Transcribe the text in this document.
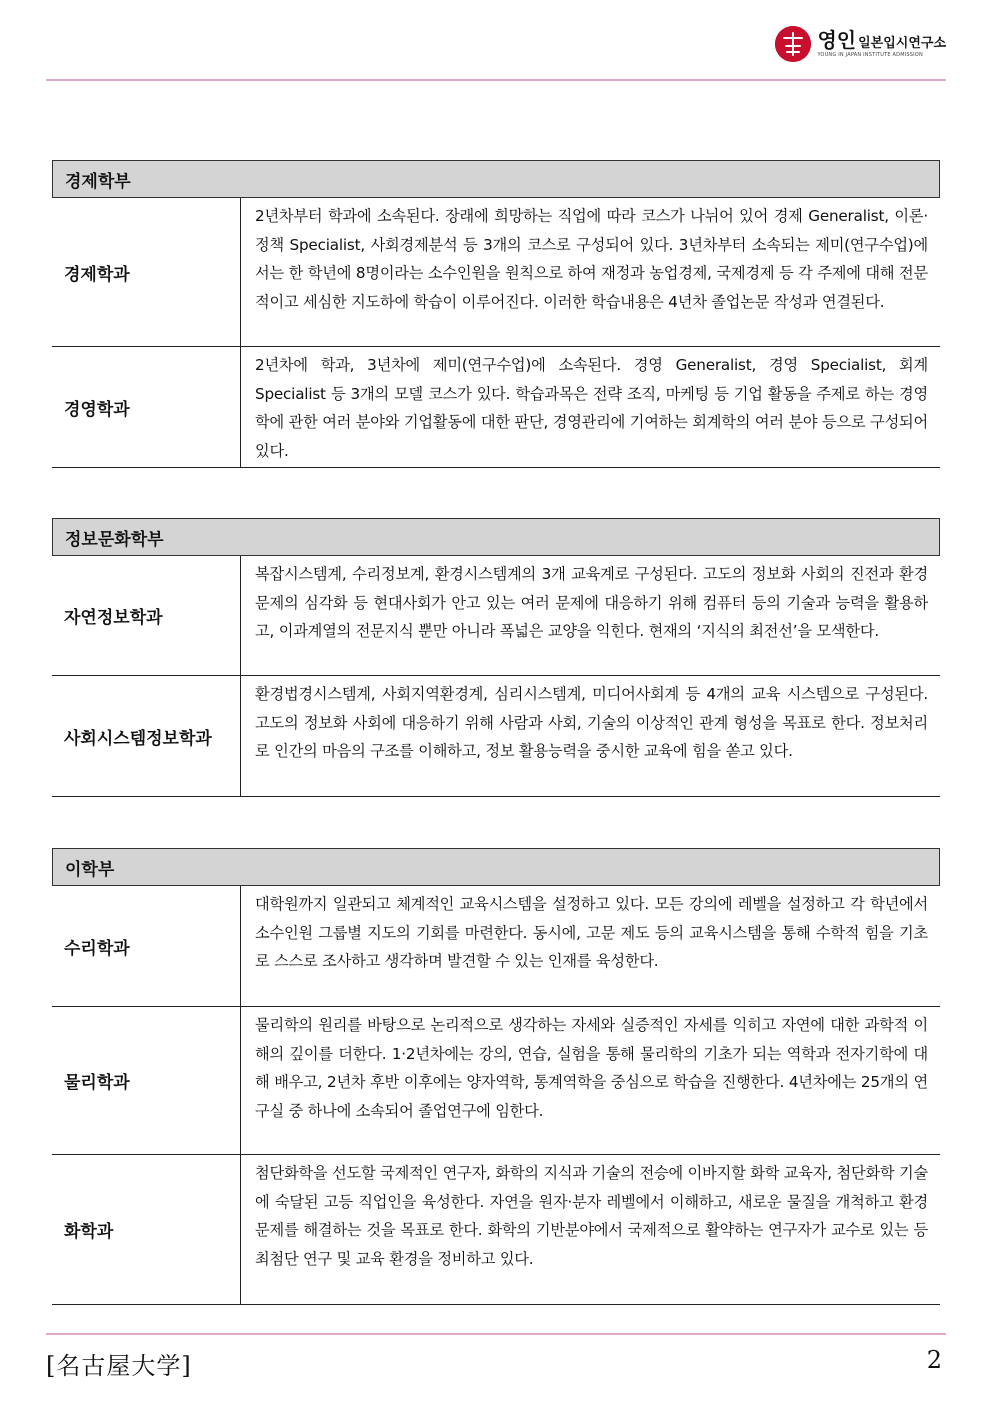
영인 일본입시연구소
YOUNG IN JAPAN INSTITUTE ADMISSION
경제학부
경제학과
2년차부터 학과에 소속된다. 장래에 희망하는 직업에 따라 코스가 나뉘어 있어 경제 Generalist, 이론·정책 Specialist, 사회경제분석 등 3개의 코스로 구성되어 있다. 3년차부터 소속되는 제미(연구수업)에서는 한 학년에 8명이라는 소수인원을 원칙으로 하여 재정과 농업경제, 국제경제 등 각 주제에 대해 전문적이고 세심한 지도하에 학습이 이루어진다. 이러한 학습내용은 4년차 졸업논문 작성과 연결된다.
경영학과
2년차에 학과, 3년차에 제미(연구수업)에 소속된다. 경영 Generalist, 경영 Specialist, 회계 Specialist 등 3개의 모델 코스가 있다. 학습과목은 전략 조직, 마케팅 등 기업 활동을 주제로 하는 경영학에 관한 여러 분야와 기업활동에 대한 판단, 경영관리에 기여하는 회계학의 여러 분야 등으로 구성되어 있다.
정보문화학부
자연정보학과
복잡시스템계, 수리정보계, 환경시스템계의 3개 교육계로 구성된다. 고도의 정보화 사회의 진전과 환경문제의 심각화 등 현대사회가 안고 있는 여러 문제에 대응하기 위해 컴퓨터 등의 기술과 능력을 활용하고, 이과계열의 전문지식 뿐만 아니라 폭넓은 교양을 익힌다. 현재의 ‘지식의 최전선’을 모색한다.
사회시스템정보학과
환경법경시스템계, 사회지역환경계, 심리시스템계, 미디어사회계 등 4개의 교육 시스템으로 구성된다. 고도의 정보화 사회에 대응하기 위해 사람과 사회, 기술의 이상적인 관계 형성을 목표로 한다. 정보처리로 인간의 마음의 구조를 이해하고, 정보 활용능력을 중시한 교육에 힘을 쏟고 있다.
이학부
수리학과
대학원까지 일관되고 체계적인 교육시스템을 설정하고 있다. 모든 강의에 레벨을 설정하고 각 학년에서 소수인원 그룹별 지도의 기회를 마련한다. 동시에, 고문 제도 등의 교육시스템을 통해 수학적 힘을 기초로 스스로 조사하고 생각하며 발견할 수 있는 인재를 육성한다.
물리학과
물리학의 원리를 바탕으로 논리적으로 생각하는 자세와 실증적인 자세를 익히고 자연에 대한 과학적 이해의 깊이를 더한다. 1·2년차에는 강의, 연습, 실험을 통해 물리학의 기초가 되는 역학과 전자기학에 대해 배우고, 2년차 후반 이후에는 양자역학, 통계역학을 중심으로 학습을 진행한다. 4년차에는 25개의 연구실 중 하나에 소속되어 졸업연구에 임한다.
화학과
첨단화학을 선도할 국제적인 연구자, 화학의 지식과 기술의 전승에 이바지할 화학 교육자, 첨단화학 기술에 숙달된 고등 직업인을 육성한다. 자연을 원자·분자 레벨에서 이해하고, 새로운 물질을 개척하고 환경문제를 해결하는 것을 목표로 한다. 화학의 기반분야에서 국제적으로 활약하는 연구자가 교수로 있는 등 최첨단 연구 및 교육 환경을 정비하고 있다.
[名古屋大学]	2
